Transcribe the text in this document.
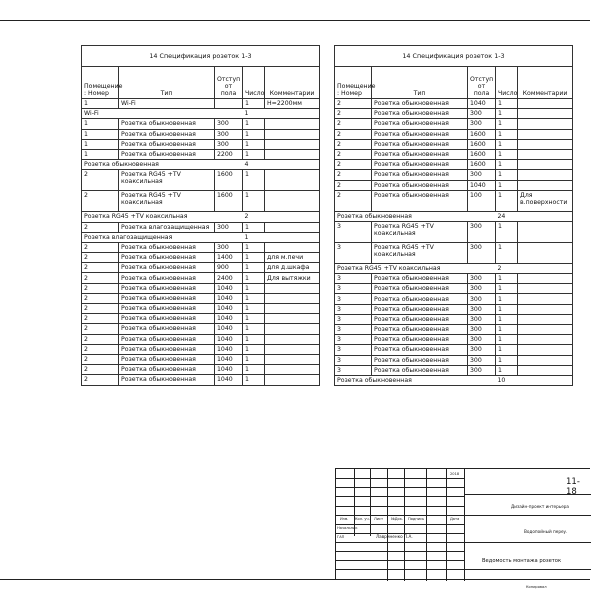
14 Спецификация розеток 1-3				
Помещение : Номер	Тип	Отступ от пола	Число	Комментарии
1	Wi-Fi		1	H=2200мм
Wi-Fi			1	
1	Розетка обыкновенная	300	1	
1	Розетка обыкновенная	300	1	
1	Розетка обыкновенная	300	1	
1	Розетка обыкновенная	2200	1	
Розетка обыкновенная			4	
2	Розетка RG45 +TV коаксильная	1600	1	
2	Розетка RG45 +TV коаксильная	1600	1	
Розетка RG45 +TV коаксильная			2	
2	Розетка влагозащищенная	300	1	
Розетка влагозащищенная			1	
2	Розетка обыкновенная	300	1	
2	Розетка обыкновенная	1400	1	для м.печи
2	Розетка обыкновенная	900	1	для д.шкафа
2	Розетка обыкновенная	2400	1	Для вытяжки
2	Розетка обыкновенная	1040	1	
2	Розетка обыкновенная	1040	1	
2	Розетка обыкновенная	1040	1	
2	Розетка обыкновенная	1040	1	
2	Розетка обыкновенная	1040	1	
2	Розетка обыкновенная	1040	1	
2	Розетка обыкновенная	1040	1	
2	Розетка обыкновенная	1040	1	
2	Розетка обыкновенная	1040	1	
2	Розетка обыкновенная	1040	1	
14 Спецификация розеток 1-3				
Помещение : Номер	Тип	Отступ от пола	Число	Комментарии
2	Розетка обыкновенная	1040	1	
2	Розетка обыкновенная	300	1	
2	Розетка обыкновенная	300	1	
2	Розетка обыкновенная	1600	1	
2	Розетка обыкновенная	1600	1	
2	Розетка обыкновенная	1600	1	
2	Розетка обыкновенная	1600	1	
2	Розетка обыкновенная	300	1	
2	Розетка обыкновенная	1040	1	
2	Розетка обыкновенная	100	1	Для в.поверхности
Розетка обыкновенная			24	
3	Розетка RG45 +TV коаксильная	300	1	
3	Розетка RG45 +TV коаксильная	300	1	
Розетка RG45 +TV коаксильная			2	
3	Розетка обыкновенная	300	1	
3	Розетка обыкновенная	300	1	
3	Розетка обыкновенная	300	1	
3	Розетка обыкновенная	300	1	
3	Розетка обыкновенная	300	1	
3	Розетка обыкновенная	300	1	
3	Розетка обыкновенная	300	1	
3	Розетка обыкновенная	300	1	
3	Розетка обыкновенная	300	1	
3	Розетка обыкновенная	300	1	
Розетка обыкновенная			10	
Изм. Кол. уч. Лист №Док. Подпись	Дата
Начальник
ГАП	Лавриненко П.А.
2018
11-18
Дизайн-проект интерьера
Водопойный переу.
Ведомость монтажа розеток
Копировал
